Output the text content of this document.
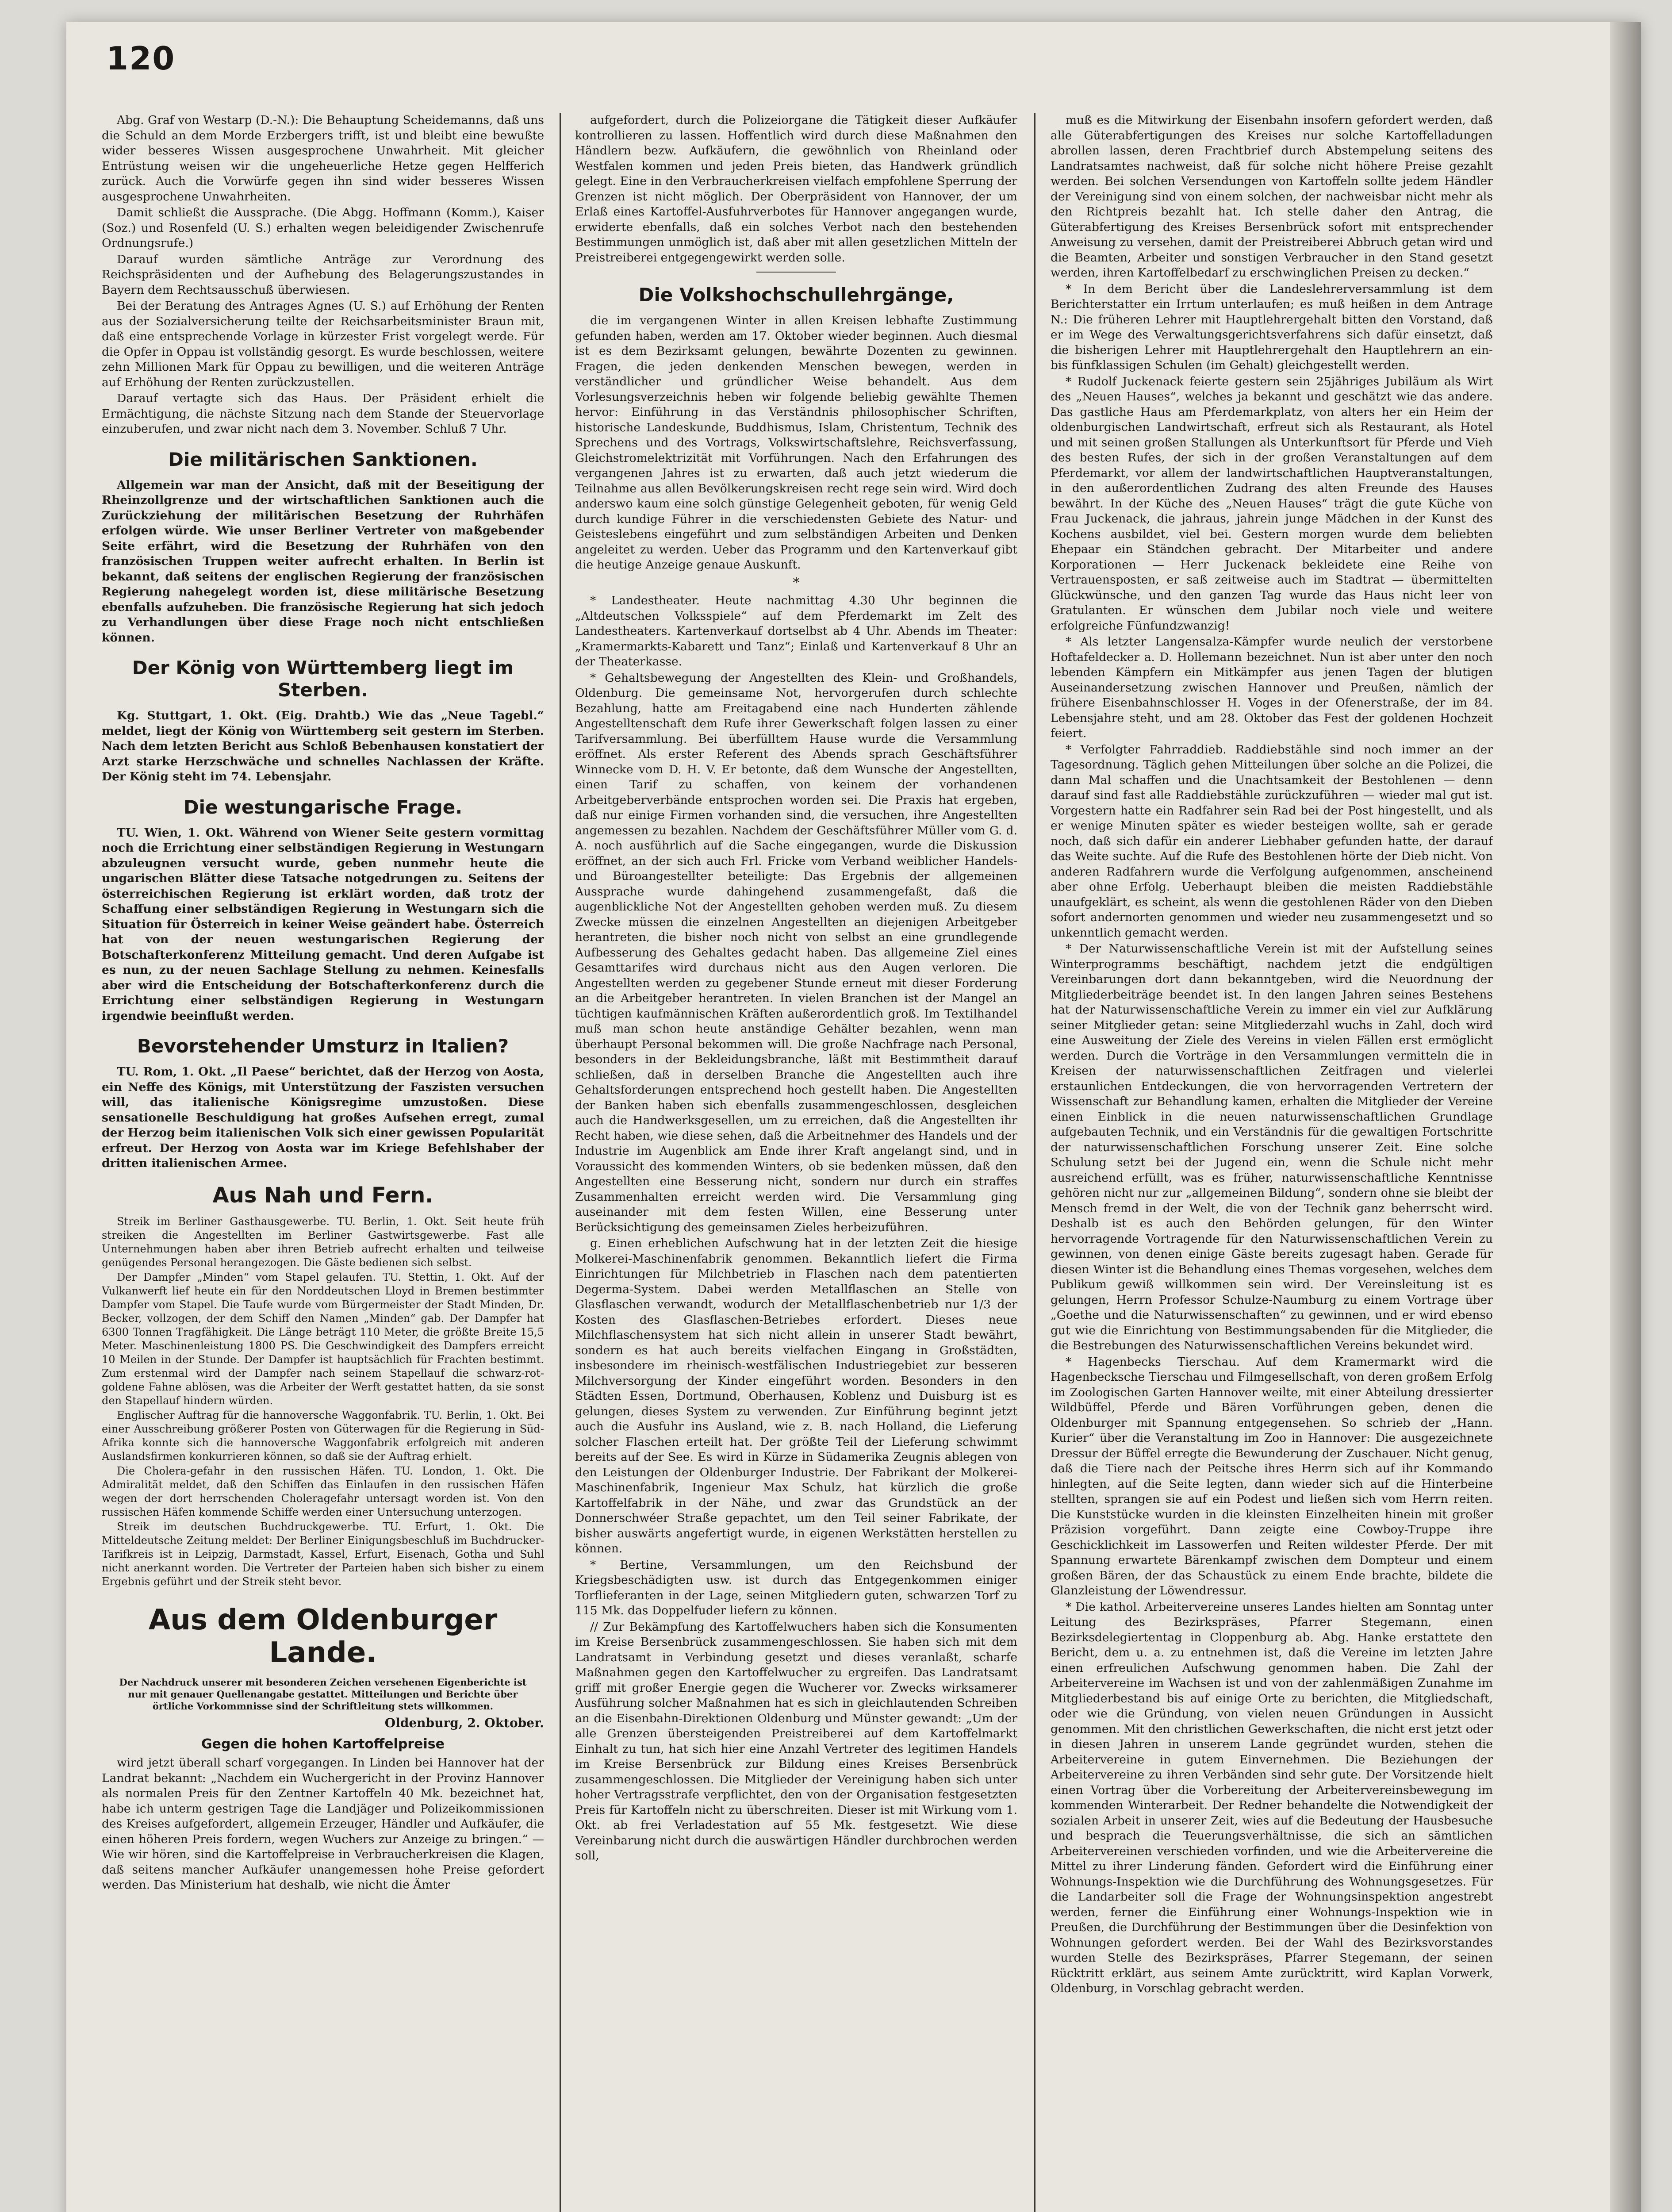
120

Abg. Graf von Westarp (D.-N.): Die Behauptung Scheidemanns, daß uns die Schuld an dem Morde Erzbergers trifft, ist und bleibt eine bewußte wider besseres Wissen ausgesprochene Unwahrheit. Mit gleicher Entrüstung weisen wir die ungeheuerliche Hetze gegen Helfferich zurück. Auch die Vorwürfe gegen ihn sind wider besseres Wissen ausgesprochene Unwahrheiten.

Damit schließt die Aussprache. (Die Abgg. Hoffmann (Komm.), Kaiser (Soz.) und Rosenfeld (U. S.) erhalten wegen beleidigender Zwischenrufe Ordnungsrufe.)

Darauf wurden sämtliche Anträge zur Verordnung des Reichspräsidenten und der Aufhebung des Belagerungszustandes in Bayern dem Rechtsausschuß überwiesen.

Bei der Beratung des Antrages Agnes (U. S.) auf Erhöhung der Renten aus der Sozialversicherung teilte der Reichsarbeitsminister Braun mit, daß eine entsprechende Vorlage in kürzester Frist vorgelegt werde. Für die Opfer in Oppau ist vollständig gesorgt. Es wurde beschlossen, weitere zehn Millionen Mark für Oppau zu bewilligen, und die weiteren Anträge auf Erhöhung der Renten zurückzustellen.

Darauf vertagte sich das Haus. Der Präsident erhielt die Ermächtigung, die nächste Sitzung nach dem Stande der Steuervorlage einzuberufen, und zwar nicht nach dem 3. November. Schluß 7 Uhr.

Die militärischen Sanktionen.

Allgemein war man der Ansicht, daß mit der Beseitigung der Rheinzollgrenze und der wirtschaftlichen Sanktionen auch die Zurückziehung der militärischen Besetzung der Ruhrhäfen erfolgen würde. Wie unser Berliner Vertreter von maßgebender Seite erfährt, wird die Besetzung der Ruhrhäfen von den französischen Truppen weiter aufrecht erhalten. In Berlin ist bekannt, daß seitens der englischen Regierung der französischen Regierung nahegelegt worden ist, diese militärische Besetzung ebenfalls aufzuheben. Die französische Regierung hat sich jedoch zu Verhandlungen über diese Frage noch nicht entschließen können.

Der König von Württemberg liegt im Sterben.

Kg. Stuttgart, 1. Okt. (Eig. Drahtb.) Wie das „Neue Tagebl.“ meldet, liegt der König von Württemberg seit gestern im Sterben. Nach dem letzten Bericht aus Schloß Bebenhausen konstatiert der Arzt starke Herzschwäche und schnelles Nachlassen der Kräfte. Der König steht im 74. Lebensjahr.

Die westungarische Frage.

TU. Wien, 1. Okt. Während von Wiener Seite gestern vormittag noch die Errichtung einer selbständigen Regierung in Westungarn abzuleugnen versucht wurde, geben nunmehr heute die ungarischen Blätter diese Tatsache notgedrungen zu. Seitens der österreichischen Regierung ist erklärt worden, daß trotz der Schaffung einer selbständigen Regierung in Westungarn sich die Situation für Österreich in keiner Weise geändert habe. Österreich hat von der neuen westungarischen Regierung der Botschafterkonferenz Mitteilung gemacht. Und deren Aufgabe ist es nun, zu der neuen Sachlage Stellung zu nehmen. Keinesfalls aber wird die Entscheidung der Botschafterkonferenz durch die Errichtung einer selbständigen Regierung in Westungarn irgendwie beeinflußt werden.

Bevorstehender Umsturz in Italien?

TU. Rom, 1. Okt. „Il Paese“ berichtet, daß der Herzog von Aosta, ein Neffe des Königs, mit Unterstützung der Faszisten versuchen will, das italienische Königsregime umzustoßen. Diese sensationelle Beschuldigung hat großes Aufsehen erregt, zumal der Herzog beim italienischen Volk sich einer gewissen Popularität erfreut. Der Herzog von Aosta war im Kriege Befehlshaber der dritten italienischen Armee.

Aus Nah und Fern.

Streik im Berliner Gasthausgewerbe. TU. Berlin, 1. Okt. Seit heute früh streiken die Angestellten im Berliner Gastwirtsgewerbe. Fast alle Unternehmungen haben aber ihren Betrieb aufrecht erhalten und teilweise genügendes Personal herangezogen. Die Gäste bedienen sich selbst.

Der Dampfer „Minden“ vom Stapel gelaufen. TU. Stettin, 1. Okt. Auf der Vulkanwerft lief heute ein für den Norddeutschen Lloyd in Bremen bestimmter Dampfer vom Stapel. Die Taufe wurde vom Bürgermeister der Stadt Minden, Dr. Becker, vollzogen, der dem Schiff den Namen „Minden“ gab. Der Dampfer hat 6300 Tonnen Tragfähigkeit. Die Länge beträgt 110 Meter, die größte Breite 15,5 Meter. Maschinenleistung 1800 PS. Die Geschwindigkeit des Dampfers erreicht 10 Meilen in der Stunde. Der Dampfer ist hauptsächlich für Frachten bestimmt. Zum erstenmal wird der Dampfer nach seinem Stapellauf die schwarz-rot-goldene Fahne ablösen, was die Arbeiter der Werft gestattet hatten, da sie sonst den Stapellauf hindern würden.

Englischer Auftrag für die hannoversche Waggonfabrik. TU. Berlin, 1. Okt. Bei einer Ausschreibung größerer Posten von Güterwagen für die Regierung in Süd-Afrika konnte sich die hannoversche Waggonfabrik erfolgreich mit anderen Auslandsfirmen konkurrieren können, so daß sie der Auftrag erhielt.

Die Cholera-gefahr in den russischen Häfen. TU. London, 1. Okt. Die Admiralität meldet, daß den Schiffen das Einlaufen in den russischen Häfen wegen der dort herrschenden Choleragefahr untersagt worden ist. Von den russischen Häfen kommende Schiffe werden einer Untersuchung unterzogen.

Streik im deutschen Buchdruckgewerbe. TU. Erfurt, 1. Okt. Die Mitteldeutsche Zeitung meldet: Der Berliner Einigungsbeschluß im Buchdrucker-Tarifkreis ist in Leipzig, Darmstadt, Kassel, Erfurt, Eisenach, Gotha und Suhl nicht anerkannt worden. Die Vertreter der Parteien haben sich bisher zu einem Ergebnis geführt und der Streik steht bevor.

Aus dem Oldenburger Lande.
Der Nachdruck unserer mit besonderen Zeichen versehenen Eigenberichte ist nur mit genauer Quellenangabe gestattet. Mitteilungen und Berichte über örtliche Vorkommnisse sind der Schriftleitung stets willkommen.
Oldenburg, 2. Oktober.
Gegen die hohen Kartoffelpreise

wird jetzt überall scharf vorgegangen. In Linden bei Hannover hat der Landrat bekannt: „Nachdem ein Wuchergericht in der Provinz Hannover als normalen Preis für den Zentner Kartoffeln 40 Mk. bezeichnet hat, habe ich unterm gestrigen Tage die Landjäger und Polizeikommissionen des Kreises aufgefordert, allgemein Erzeuger, Händler und Aufkäufer, die einen höheren Preis fordern, wegen Wuchers zur Anzeige zu bringen.“ — Wie wir hören, sind die Kartoffelpreise in Verbraucherkreisen die Klagen, daß seitens mancher Aufkäufer unangemessen hohe Preise gefordert werden. Das Ministerium hat deshalb, wie nicht die Ämter

aufgefordert, durch die Polizeiorgane die Tätigkeit dieser Aufkäufer kontrollieren zu lassen. Hoffentlich wird durch diese Maßnahmen den Händlern bezw. Aufkäufern, die gewöhnlich von Rheinland oder Westfalen kommen und jeden Preis bieten, das Handwerk gründlich gelegt. Eine in den Verbraucherkreisen vielfach empfohlene Sperrung der Grenzen ist nicht möglich. Der Oberpräsident von Hannover, der um Erlaß eines Kartoffel-Ausfuhrverbotes für Hannover angegangen wurde, erwiderte ebenfalls, daß ein solches Verbot nach den bestehenden Bestimmungen unmöglich ist, daß aber mit allen gesetzlichen Mitteln der Preistreiberei entgegengewirkt werden solle.

Die Volkshochschullehrgänge,

die im vergangenen Winter in allen Kreisen lebhafte Zustimmung gefunden haben, werden am 17. Oktober wieder beginnen. Auch diesmal ist es dem Bezirksamt gelungen, bewährte Dozenten zu gewinnen. Fragen, die jeden denkenden Menschen bewegen, werden in verständlicher und gründlicher Weise behandelt. Aus dem Vorlesungsverzeichnis heben wir folgende beliebig gewählte Themen hervor: Einführung in das Verständnis philosophischer Schriften, historische Landeskunde, Buddhismus, Islam, Christentum, Technik des Sprechens und des Vortrags, Volkswirtschaftslehre, Reichsverfassung, Gleichstromelektrizität mit Vorführungen. Nach den Erfahrungen des vergangenen Jahres ist zu erwarten, daß auch jetzt wiederum die Teilnahme aus allen Bevölkerungskreisen recht rege sein wird. Wird doch anderswo kaum eine solch günstige Gelegenheit geboten, für wenig Geld durch kundige Führer in die verschiedensten Gebiete des Natur- und Geisteslebens eingeführt und zum selbständigen Arbeiten und Denken angeleitet zu werden. Ueber das Programm und den Kartenverkauf gibt die heutige Anzeige genaue Auskunft.

*

* Landestheater. Heute nachmittag 4.30 Uhr beginnen die „Altdeutschen Volksspiele“ auf dem Pferdemarkt im Zelt des Landestheaters. Kartenverkauf dortselbst ab 4 Uhr. Abends im Theater: „Kramermarkts-Kabarett und Tanz“; Einlaß und Kartenverkauf 8 Uhr an der Theaterkasse.

* Gehaltsbewegung der Angestellten des Klein- und Großhandels, Oldenburg. Die gemeinsame Not, hervorgerufen durch schlechte Bezahlung, hatte am Freitagabend eine nach Hunderten zählende Angestelltenschaft dem Rufe ihrer Gewerkschaft folgen lassen zu einer Tarifversammlung. Bei überfülltem Hause wurde die Versammlung eröffnet. Als erster Referent des Abends sprach Geschäftsführer Winnecke vom D. H. V. Er betonte, daß dem Wunsche der Angestellten, einen Tarif zu schaffen, von keinem der vorhandenen Arbeitgeberverbände entsprochen worden sei. Die Praxis hat ergeben, daß nur einige Firmen vorhanden sind, die versuchen, ihre Angestellten angemessen zu bezahlen. Nachdem der Geschäftsführer Müller vom G. d. A. noch ausführlich auf die Sache eingegangen, wurde die Diskussion eröffnet, an der sich auch Frl. Fricke vom Verband weiblicher Handels- und Büroangestellter beteiligte: Das Ergebnis der allgemeinen Aussprache wurde dahingehend zusammengefaßt, daß die augenblickliche Not der Angestellten gehoben werden muß. Zu diesem Zwecke müssen die einzelnen Angestellten an diejenigen Arbeitgeber herantreten, die bisher noch nicht von selbst an eine grundlegende Aufbesserung des Gehaltes gedacht haben. Das allgemeine Ziel eines Gesamttarifes wird durchaus nicht aus den Augen verloren. Die Angestellten werden zu gegebener Stunde erneut mit dieser Forderung an die Arbeitgeber herantreten. In vielen Branchen ist der Mangel an tüchtigen kaufmännischen Kräften außerordentlich groß. Im Textilhandel muß man schon heute anständige Gehälter bezahlen, wenn man überhaupt Personal bekommen will. Die große Nachfrage nach Personal, besonders in der Bekleidungsbranche, läßt mit Bestimmtheit darauf schließen, daß in derselben Branche die Angestellten auch ihre Gehaltsforderungen entsprechend hoch gestellt haben. Die Angestellten der Banken haben sich ebenfalls zusammengeschlossen, desgleichen auch die Handwerksgesellen, um zu erreichen, daß die Angestellten ihr Recht haben, wie diese sehen, daß die Arbeitnehmer des Handels und der Industrie im Augenblick am Ende ihrer Kraft angelangt sind, und in Voraussicht des kommenden Winters, ob sie bedenken müssen, daß den Angestellten eine Besserung nicht, sondern nur durch ein straffes Zusammenhalten erreicht werden wird. Die Versammlung ging auseinander mit dem festen Willen, eine Besserung unter Berücksichtigung des gemeinsamen Zieles herbeizuführen.

g. Einen erheblichen Aufschwung hat in der letzten Zeit die hiesige Molkerei-Maschinenfabrik genommen. Bekanntlich liefert die Firma Einrichtungen für Milchbetrieb in Flaschen nach dem patentierten Degerma-System. Dabei werden Metallflaschen an Stelle von Glasflaschen verwandt, wodurch der Metallflaschenbetrieb nur 1/3 der Kosten des Glasflaschen-Betriebes erfordert. Dieses neue Milchflaschensystem hat sich nicht allein in unserer Stadt bewährt, sondern es hat auch bereits vielfachen Eingang in Großstädten, insbesondere im rheinisch-westfälischen Industriegebiet zur besseren Milchversorgung der Kinder eingeführt worden. Besonders in den Städten Essen, Dortmund, Oberhausen, Koblenz und Duisburg ist es gelungen, dieses System zu verwenden. Zur Einführung beginnt jetzt auch die Ausfuhr ins Ausland, wie z. B. nach Holland, die Lieferung solcher Flaschen erteilt hat. Der größte Teil der Lieferung schwimmt bereits auf der See. Es wird in Kürze in Südamerika Zeugnis ablegen von den Leistungen der Oldenburger Industrie. Der Fabrikant der Molkerei-Maschinenfabrik, Ingenieur Max Schulz, hat kürzlich die große Kartoffelfabrik in der Nähe, und zwar das Grundstück an der Donnerschwéer Straße gepachtet, um den Teil seiner Fabrikate, der bisher auswärts angefertigt wurde, in eigenen Werkstätten herstellen zu können.

* Bertine, Versammlungen, um den Reichsbund der Kriegsbeschädigten usw. ist durch das Entgegenkommen einiger Torflieferanten in der Lage, seinen Mitgliedern guten, schwarzen Torf zu 115 Mk. das Doppelfuder liefern zu können.

// Zur Bekämpfung des Kartoffelwuchers haben sich die Konsumenten im Kreise Bersenbrück zusammengeschlossen. Sie haben sich mit dem Landratsamt in Verbindung gesetzt und dieses veranlaßt, scharfe Maßnahmen gegen den Kartoffelwucher zu ergreifen. Das Landratsamt griff mit großer Energie gegen die Wucherer vor. Zwecks wirksamerer Ausführung solcher Maßnahmen hat es sich in gleichlautenden Schreiben an die Eisenbahn-Direktionen Oldenburg und Münster gewandt: „Um der alle Grenzen übersteigenden Preistreiberei auf dem Kartoffelmarkt Einhalt zu tun, hat sich hier eine Anzahl Vertreter des legitimen Handels im Kreise Bersenbrück zur Bildung eines Kreises Bersenbrück zusammengeschlossen. Die Mitglieder der Vereinigung haben sich unter hoher Vertragsstrafe verpflichtet, den von der Organisation festgesetzten Preis für Kartoffeln nicht zu überschreiten. Dieser ist mit Wirkung vom 1. Okt. ab frei Verladestation auf 55 Mk. festgesetzt. Wie diese Vereinbarung nicht durch die auswärtigen Händler durchbrochen werden soll,

muß es die Mitwirkung der Eisenbahn insofern gefordert werden, daß alle Güterabfertigungen des Kreises nur solche Kartoffelladungen abrollen lassen, deren Frachtbrief durch Abstempelung seitens des Landratsamtes nachweist, daß für solche nicht höhere Preise gezahlt werden. Bei solchen Versendungen von Kartoffeln sollte jedem Händler der Vereinigung sind von einem solchen, der nachweisbar nicht mehr als den Richtpreis bezahlt hat. Ich stelle daher den Antrag, die Güterabfertigung des Kreises Bersenbrück sofort mit entsprechender Anweisung zu versehen, damit der Preistreiberei Abbruch getan wird und die Beamten, Arbeiter und sonstigen Verbraucher in den Stand gesetzt werden, ihren Kartoffelbedarf zu erschwinglichen Preisen zu decken.“

* In dem Bericht über die Landeslehrerversammlung ist dem Berichterstatter ein Irrtum unterlaufen; es muß heißen in dem Antrage N.: Die früheren Lehrer mit Hauptlehrergehalt bitten den Vorstand, daß er im Wege des Verwaltungsgerichtsverfahrens sich dafür einsetzt, daß die bisherigen Lehrer mit Hauptlehrergehalt den Hauptlehrern an ein- bis fünfklassigen Schulen (im Gehalt) gleichgestellt werden.

* Rudolf Juckenack feierte gestern sein 25jähriges Jubiläum als Wirt des „Neuen Hauses“, welches ja bekannt und geschätzt wie das andere. Das gastliche Haus am Pferdemarkplatz, von alters her ein Heim der oldenburgischen Landwirtschaft, erfreut sich als Restaurant, als Hotel und mit seinen großen Stallungen als Unterkunftsort für Pferde und Vieh des besten Rufes, der sich in der großen Veranstaltungen auf dem Pferdemarkt, vor allem der landwirtschaftlichen Hauptveranstaltungen, in den außerordentlichen Zudrang des alten Freunde des Hauses bewährt. In der Küche des „Neuen Hauses“ trägt die gute Küche von Frau Juckenack, die jahraus, jahrein junge Mädchen in der Kunst des Kochens ausbildet, viel bei. Gestern morgen wurde dem beliebten Ehepaar ein Ständchen gebracht. Der Mitarbeiter und andere Korporationen — Herr Juckenack bekleidete eine Reihe von Vertrauensposten, er saß zeitweise auch im Stadtrat — übermittelten Glückwünsche, und den ganzen Tag wurde das Haus nicht leer von Gratulanten. Er wünschen dem Jubilar noch viele und weitere erfolgreiche Fünfundzwanzig!

* Als letzter Langensalza-Kämpfer wurde neulich der verstorbene Hoftafeldecker a. D. Hollemann bezeichnet. Nun ist aber unter den noch lebenden Kämpfern ein Mitkämpfer aus jenen Tagen der blutigen Auseinandersetzung zwischen Hannover und Preußen, nämlich der frühere Eisenbahnschlosser H. Voges in der Ofenerstraße, der im 84. Lebensjahre steht, und am 28. Oktober das Fest der goldenen Hochzeit feiert.

* Verfolgter Fahrraddieb. Raddiebstähle sind noch immer an der Tagesordnung. Täglich gehen Mitteilungen über solche an die Polizei, die dann Mal schaffen und die Unachtsamkeit der Bestohlenen — denn darauf sind fast alle Raddiebstähle zurückzuführen — wieder mal gut ist. Vorgestern hatte ein Radfahrer sein Rad bei der Post hingestellt, und als er wenige Minuten später es wieder besteigen wollte, sah er gerade noch, daß sich dafür ein anderer Liebhaber gefunden hatte, der darauf das Weite suchte. Auf die Rufe des Bestohlenen hörte der Dieb nicht. Von anderen Radfahrern wurde die Verfolgung aufgenommen, anscheinend aber ohne Erfolg. Ueberhaupt bleiben die meisten Raddiebstähle unaufgeklärt, es scheint, als wenn die gestohlenen Räder von den Dieben sofort andernorten genommen und wieder neu zusammengesetzt und so unkenntlich gemacht werden.

* Der Naturwissenschaftliche Verein ist mit der Aufstellung seines Winterprogramms beschäftigt, nachdem jetzt die endgültigen Vereinbarungen dort dann bekanntgeben, wird die Neuordnung der Mitgliederbeiträge beendet ist. In den langen Jahren seines Bestehens hat der Naturwissenschaftliche Verein zu immer ein viel zur Aufklärung seiner Mitglieder getan: seine Mitgliederzahl wuchs in Zahl, doch wird eine Ausweitung der Ziele des Vereins in vielen Fällen erst ermöglicht werden. Durch die Vorträge in den Versammlungen vermitteln die in Kreisen der naturwissenschaftlichen Zeitfragen und vielerlei erstaunlichen Entdeckungen, die von hervorragenden Vertretern der Wissenschaft zur Behandlung kamen, erhalten die Mitglieder der Vereine einen Einblick in die neuen naturwissenschaftlichen Grundlage aufgebauten Technik, und ein Verständnis für die gewaltigen Fortschritte der naturwissenschaftlichen Forschung unserer Zeit. Eine solche Schulung setzt bei der Jugend ein, wenn die Schule nicht mehr ausreichend erfüllt, was es früher, naturwissenschaftliche Kenntnisse gehören nicht nur zur „allgemeinen Bildung“, sondern ohne sie bleibt der Mensch fremd in der Welt, die von der Technik ganz beherrscht wird. Deshalb ist es auch den Behörden gelungen, für den Winter hervorragende Vortragende für den Naturwissenschaftlichen Verein zu gewinnen, von denen einige Gäste bereits zugesagt haben. Gerade für diesen Winter ist die Behandlung eines Themas vorgesehen, welches dem Publikum gewiß willkommen sein wird. Der Vereinsleitung ist es gelungen, Herrn Professor Schulze-Naumburg zu einem Vortrage über „Goethe und die Naturwissenschaften“ zu gewinnen, und er wird ebenso gut wie die Einrichtung von Bestimmungsabenden für die Mitglieder, die die Bestrebungen des Naturwissenschaftlichen Vereins bekundet wird.

* Hagenbecks Tierschau. Auf dem Kramermarkt wird die Hagenbecksche Tierschau und Filmgesellschaft, von deren großem Erfolg im Zoologischen Garten Hannover weilte, mit einer Abteilung dressierter Wildbüffel, Pferde und Bären Vorführungen geben, denen die Oldenburger mit Spannung entgegensehen. So schrieb der „Hann. Kurier“ über die Veranstaltung im Zoo in Hannover: Die ausgezeichnete Dressur der Büffel erregte die Bewunderung der Zuschauer. Nicht genug, daß die Tiere nach der Peitsche ihres Herrn sich auf ihr Kommando hinlegten, auf die Seite legten, dann wieder sich auf die Hinterbeine stellten, sprangen sie auf ein Podest und ließen sich vom Herrn reiten. Die Kunststücke wurden in die kleinsten Einzelheiten hinein mit großer Präzision vorgeführt. Dann zeigte eine Cowboy-Truppe ihre Geschicklichkeit im Lassowerfen und Reiten wildester Pferde. Der mit Spannung erwartete Bärenkampf zwischen dem Dompteur und einem großen Bären, der das Schaustück zu einem Ende brachte, bildete die Glanzleistung der Löwendressur.

* Die kathol. Arbeitervereine unseres Landes hielten am Sonntag unter Leitung des Bezirkspräses, Pfarrer Stegemann, einen Bezirksdelegiertentag in Cloppenburg ab. Abg. Hanke erstattete den Bericht, dem u. a. zu entnehmen ist, daß die Vereine im letzten Jahre einen erfreulichen Aufschwung genommen haben. Die Zahl der Arbeitervereine im Wachsen ist und von der zahlenmäßigen Zunahme im Mitgliederbestand bis auf einige Orte zu berichten, die Mitgliedschaft, oder wie die Gründung, von vielen neuen Gründungen in Aussicht genommen. Mit den christlichen Gewerkschaften, die nicht erst jetzt oder in diesen Jahren in unserem Lande gegründet wurden, stehen die Arbeitervereine in gutem Einvernehmen. Die Beziehungen der Arbeitervereine zu ihren Verbänden sind sehr gute. Der Vorsitzende hielt einen Vortrag über die Vorbereitung der Arbeitervereinsbewegung im kommenden Winterarbeit. Der Redner behandelte die Notwendigkeit der sozialen Arbeit in unserer Zeit, wies auf die Bedeutung der Hausbesuche und besprach die Teuerungsverhältnisse, die sich an sämtlichen Arbeitervereinen verschieden vorfinden, und wie die Arbeitervereine die Mittel zu ihrer Linderung fänden. Gefordert wird die Einführung einer Wohnungs-Inspektion wie die Durchführung des Wohnungsgesetzes. Für die Landarbeiter soll die Frage der Wohnungsinspektion angestrebt werden, ferner die Einführung einer Wohnungs-Inspektion wie in Preußen, die Durchführung der Bestimmungen über die Desinfektion von Wohnungen gefordert werden. Bei der Wahl des Bezirksvorstandes wurden Stelle des Bezirkspräses, Pfarrer Stegemann, der seinen Rücktritt erklärt, aus seinem Amte zurücktritt, wird Kaplan Vorwerk, Oldenburg, in Vorschlag gebracht werden.
